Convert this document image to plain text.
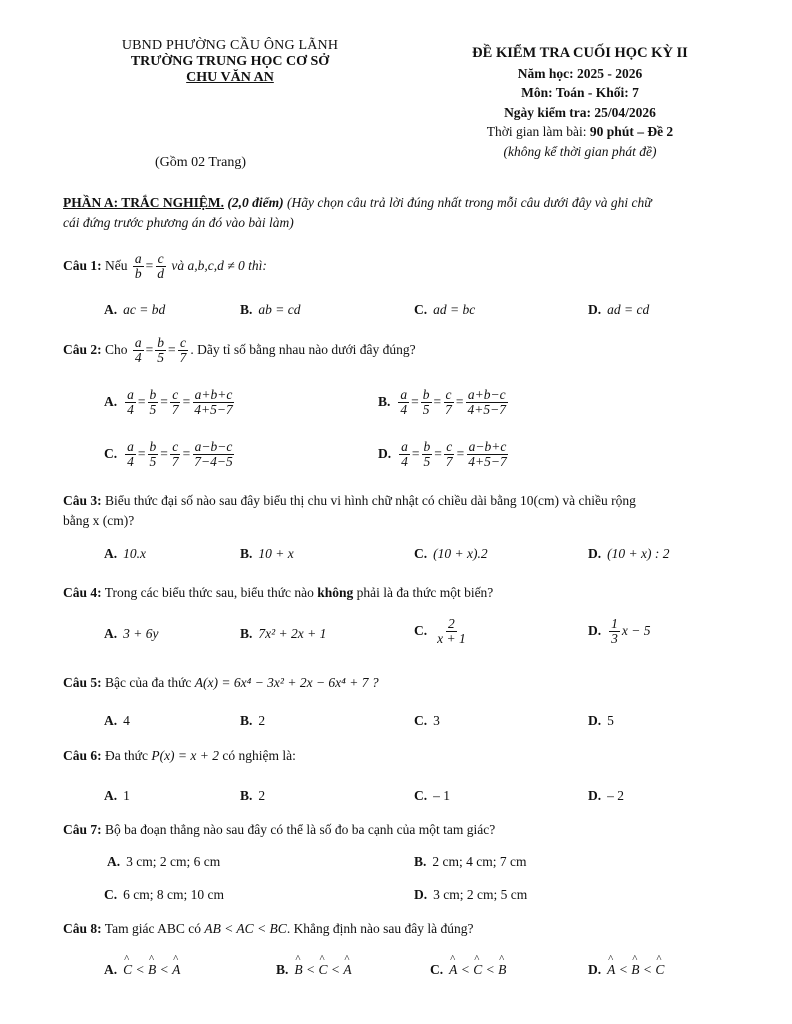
UBND PHƯỜNG CẦU ÔNG LÃNH
TRƯỜNG TRUNG HỌC CƠ SỞ
CHU VĂN AN
(Gồm 02 Trang)
ĐỀ KIỂM TRA CUỐI HỌC KỲ II
Năm học: 2025 - 2026
Môn: Toán - Khối: 7
Ngày kiểm tra: 25/04/2026
Thời gian làm bài: 90 phút – Đề 2
(không kể thời gian phát đề)
PHẦN A: TRẮC NGHIỆM. (2,0 điểm) (Hãy chọn câu trả lời đúng nhất trong mỗi câu dưới đây và ghi chữ
cái đứng trước phương án đó vào bài làm)
Câu 1: Nếu $\frac{a}{b} = \frac{c}{d}$ và a,b,c,d ≠ 0 thì:
A. ac = bd	B. ab = cd	C. ad = bc	D. ad = cd
Câu 2: Cho $\frac{a}{4} = \frac{b}{5} = \frac{c}{7}$ . Dãy tỉ số bằng nhau nào dưới đây đúng?
A. $\frac{a}{4} = \frac{b}{5} = \frac{c}{7} = \frac{a+b+c}{4+5-7}$	B. $\frac{a}{4} = \frac{b}{5} = \frac{c}{7} = \frac{a+b-c}{4+5-7}$
C. $\frac{a}{4} = \frac{b}{5} = \frac{c}{7} = \frac{a-b-c}{7-4-5}$	D. $\frac{a}{4} = \frac{b}{5} = \frac{c}{7} = \frac{a-b+c}{4+5-7}$
Câu 3: Biểu thức đại số nào sau đây biểu thị chu vi hình chữ nhật có chiều dài bằng 10(cm) và chiều rộng
bằng x (cm)?
A. 10.x	B. 10 + x	C. (10 + x).2	D. (10 + x) : 2
Câu 4: Trong các biểu thức sau, biểu thức nào không phải là đa thức một biến?
A. 3 + 6y	B. 7x² + 2x + 1	C. $\frac{2}{x + 1}$	D. $\frac{1}{3}$ x − 5
Câu 5: Bậc của đa thức A(x) = 6x⁴ − 3x² + 2x − 6x⁴ + 7 ?
A. 4	B. 2	C. 3	D. 5
Câu 6: Đa thức P(x) = x + 2 có nghiệm là:
A. 1	B. 2	C. – 1	D. – 2
Câu 7: Bộ ba đoạn thẳng nào sau đây có thể là số đo ba cạnh của một tam giác?
A. 3 cm; 2 cm; 6 cm	B. 2 cm; 4 cm; 7 cm
C. 6 cm; 8 cm; 10 cm	D. 3 cm; 2 cm; 5 cm
Câu 8: Tam giác ABC có AB < AC < BC. Khẳng định nào sau đây là đúng?
A. ^ C < ^ B < ^ A	B. ^ B < ^ C < ^ A	C. ^ A < ^ C < ^ B	D. ^ A < ^ B < ^ C
